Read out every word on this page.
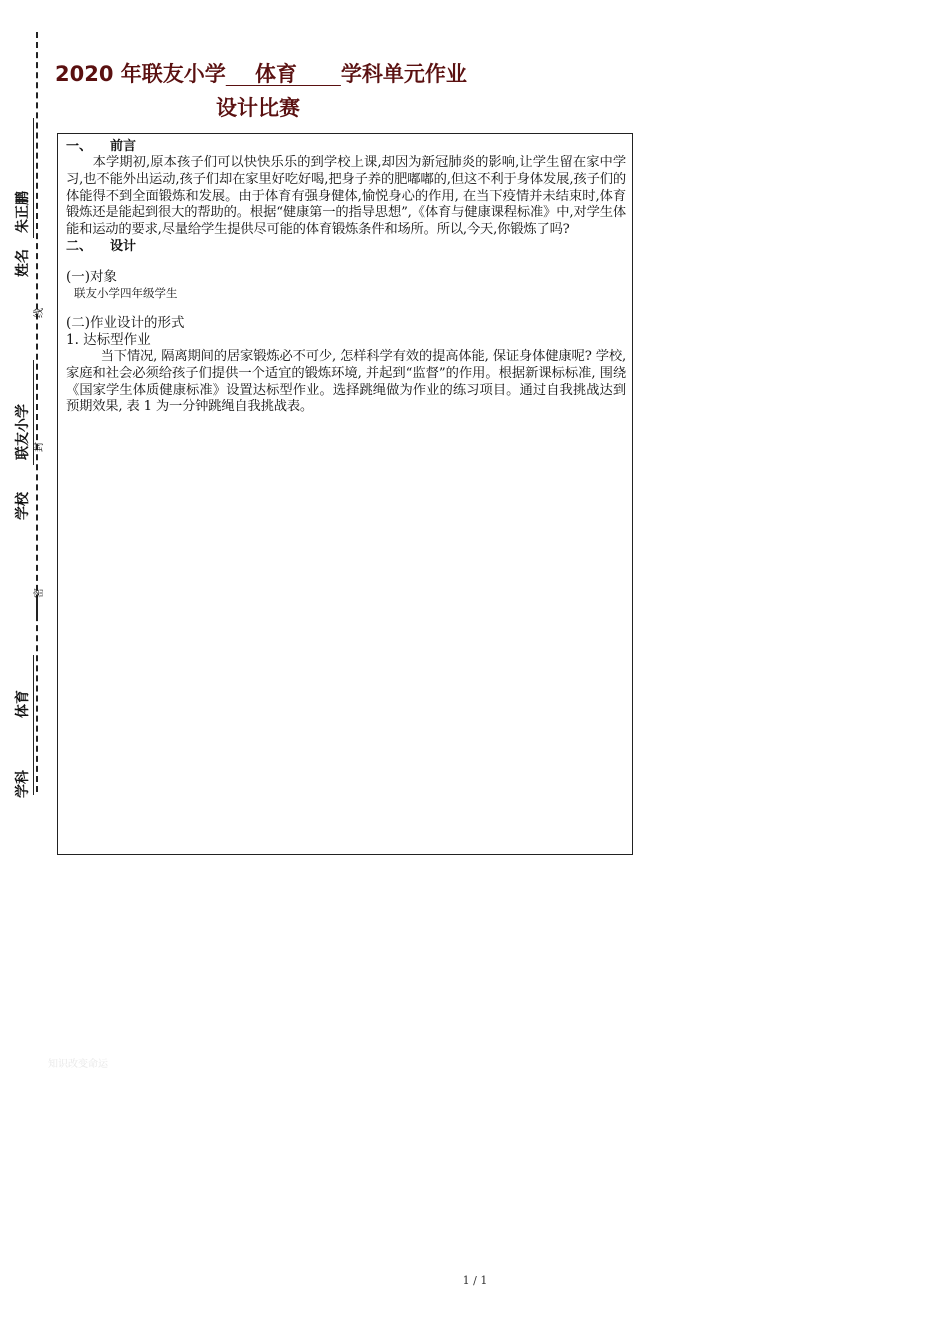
2020 年联友小学 体育 学科单元作业
设计比赛
姓名
朱正鹏
线
学校
联友小学 封
密
学科
体育
一、 前言

本学期初,原本孩子们可以快快乐乐的到学校上课,却因为新冠肺炎的影响,让学生留在家中学习,也不能外出运动,孩子们却在家里好吃好喝,把身子养的肥嘟嘟的,但这不利于身体发展,孩子们的体能得不到全面锻炼和发展。由于体育有强身健体,愉悦身心的作用, 在当下疫情并未结束时,体育锻炼还是能起到很大的帮助的。根据“健康第一的指导思想”,《体育与健康课程标准》中,对学生体能和运动的要求,尽量给学生提供尽可能的体育锻炼条件和场所。所以,今天,你锻炼了吗?

二、 设计

(一)对象

联友小学四年级学生

(二)作业设计的形式

1. 达标型作业

当下情况, 隔离期间的居家锻炼必不可少, 怎样科学有效的提高体能, 保证身体健康呢? 学校, 家庭和社会必须给孩子们提供一个适宜的锻炼环境, 并起到“监督”的作用。根据新课标标准, 围绕《国家学生体质健康标准》设置达标型作业。选择跳绳做为作业的练习项目。通过自我挑战达到预期效果, 表 1 为一分钟跳绳自我挑战表。

知识改变命运
1 / 1
